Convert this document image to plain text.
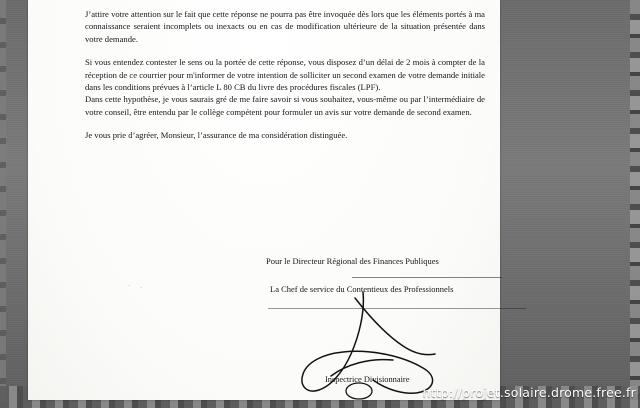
J’attire votre attention sur le fait que cette réponse ne pourra pas être invoquée dès lors que les éléments portés à ma connaissance seraient incomplets ou inexacts ou en cas de modification ultérieure de la situation présentée dans votre demande.

Si vous entendez contester le sens ou la portée de cette réponse, vous disposez d’un délai de 2 mois à compter de la réception de ce courrier pour m'informer de votre intention de solliciter un second examen de votre demande initiale dans les conditions prévues à l’article L 80 CB du livre des procédures fiscales (LPF).

Dans cette hypothèse, je vous saurais gré de me faire savoir si vous souhaitez, vous-même ou par l’intermédiaire de votre conseil, être entendu par le collège compétent pour formuler un avis sur votre demande de second examen.

Je vous prie d’agréer, Monsieur, l’assurance de ma considération distinguée.

Pour le Directeur Régional des Finances Publiques
La Chef de service du Contentieux des Professionnels
Inspectrice Divisionnaire
· ˙
http://projet.solaire.drome.free.fr
